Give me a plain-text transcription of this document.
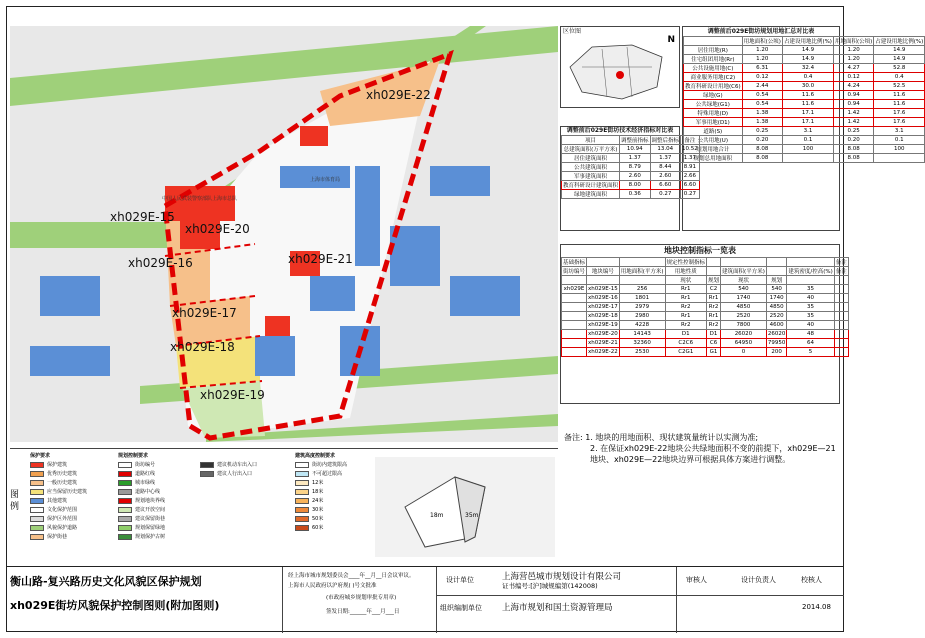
xh029E-22
xh029E-15
xh029E-20
xh029E-16	xh029E-21
xh029E-17
xh029E-18
xh029E-19
中国人民武装警察部队上海市总队
上海市体育局
区位图
N
调整前后029E街坊规划用地汇总对比表
	用地面积(公顷)	占建设用地比例(%)	用地面积(公顷)	占建设用地比例(%)
居住用地(R)	1.20	14.9	1.20	14.9
住宅组团用地(Rr)	1.20	14.9	1.20	14.9
公共设施用地(C)	6.31	32.4	4.27	52.8
商业服务用地(C2)	0.12	0.4	0.12	0.4
教育科研设计用地(C6)	2.44	30.0	4.24	52.5
绿地(G)	0.54	11.6	0.94	11.6
公共绿地(G1)	0.54	11.6	0.94	11.6
特殊用地(D)	1.38	17.1	1.42	17.6
军事用地(D1)	1.38	17.1	1.42	17.6
道路(S)	0.25	3.1	0.25	3.1
公共用地(U)	0.20	0.1	0.20	0.1
规划用地合计	8.08	100	8.08	100
规划总用地面积	8.08		8.08	
调整前后029E街坊技术经济指标对比表
项目	调整前指标	调整后指标	备注
总建筑面积(万平方米)	10.94	13.04	10.52
居住建筑面积	1.37	1.37	1.37
公共建筑面积	8.79	8.44	8.91
军事建筑面积	2.60	2.60	2.66
教育科研设计建筑面积	8.00	6.60	6.60
绿地建筑面积	0.36	0.27	0.27
地块控制指标一览表
基础指标			规定性控制指标					备注
街坊编号	地块编号	用地面积(平方米)	用地性质		建筑面积(平方米)		建筑密度/控高(%)	备注
			现状	规划	现状	规划		
xh029E	xh029E-15	256	Rr1	C2	540	540	35	
	xh029E-16	1801	Rr1	Rr1	1740	1740	40	
	xh029E-17	2979	Rr2	Rr2	4850	4850	35	
	xh029E-18	2980	Rr1	Rr1	2520	2520	35	
	xh029E-19	4228	Rr2	Rr2	7800	4600	40	
	xh029E-20	14143	D1	D1	26020	26020	48	
	xh029E-21	32360	C2C6	C6	64950	79950	64	
	xh029E-22	2530	C2G1	G1	0	200	5	
备注: 1. 地块的用地面积、现状建筑量统计以实测为准;
2. 在保证xh029E-22地块公共绿地面积不变的前提下，xh029E—21地块、xh029E—22地块边界可根据具体方案进行调整。
图例
保护要求
保护建筑
优秀历史建筑
一般历史建筑
应当保留历史建筑
其他建筑
文化保护范围
保护区外范围
风貌保护道路
保护街巷
规划控制要求
街坊编号
道路红线
城市绿线
道路中心线
规划地块界线
建议开放空间
建议保留街巷
规划保留绿地
规划保护古树
建议机动车出入口
建议人行出入口
建筑高度控制要求
街坊内建筑限高
不可超过限高
12米
18米
24米
30米
50米
60米
18m	35m
衡山路-复兴路历史文化风貌区保护规划
xh029E街坊风貌保护控制图则(附加图则)
经上海市城市规划委员会____年__月__日会议审议。
上海市人民政府以沪府规( )号文批准
(市政府城乡规划审批专用章)
签发日期:______年___月___日
设计单位	上海营邑城市规划设计有限公司
证书编号:[沪]城规编第(142008)
组织编制单位 上海市规划和国土资源管理局
审核人	设计负责人	校核人
2014.08
